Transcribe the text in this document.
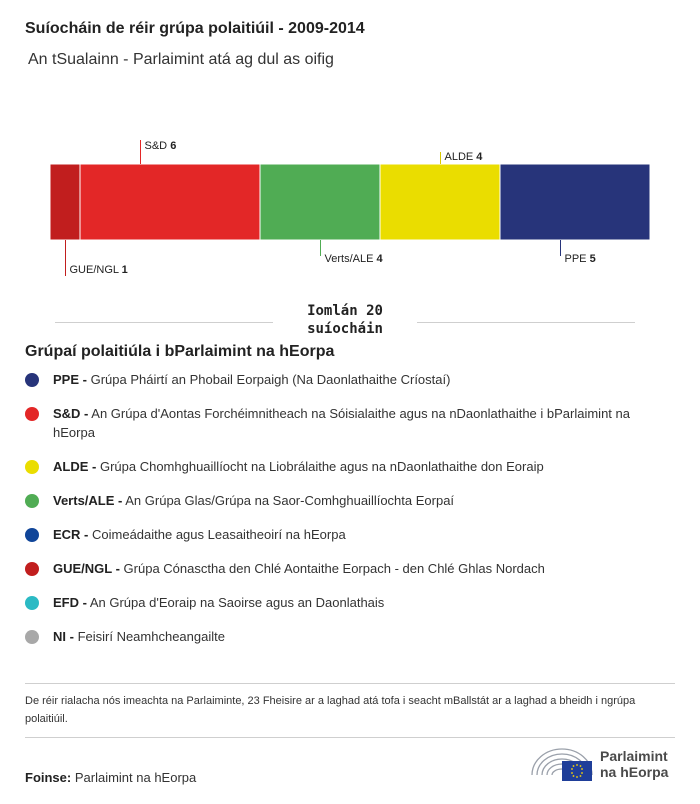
Suíocháin de réir grúpa polaitiúil - 2009-2014
An tSualainn - Parlaimint atá ag dul as oifig
GUE/NGL 1
S&D 6
Verts/ALE 4
ALDE 4
PPE 5
Iomlán 20
suíocháin
Grúpaí polaitiúla i bParlaimint na hEorpa
PPE - Grúpa Pháirtí an Phobail Eorpaigh (Na Daonlathaithe Críostaí)
S&D - An Grúpa d'Aontas Forchéimnitheach na Sóisialaithe agus na nDaonlathaithe i bParlaimint na hEorpa
ALDE - Grúpa Chomhghuaillíocht na Liobrálaithe agus na nDaonlathaithe don Eoraip
Verts/ALE - An Grúpa Glas/Grúpa na Saor-Comhghuaillíochta Eorpaí
ECR - Coimeádaithe agus Leasaitheoirí na hEorpa
GUE/NGL - Grúpa Cónasctha den Chlé Aontaithe Eorpach - den Chlé Ghlas Nordach
EFD - An Grúpa d'Eoraip na Saoirse agus an Daonlathais
NI - Feisirí Neamhcheangailte
De réir rialacha nós imeachta na Parlaiminte, 23 Fheisire ar a laghad atá tofa i seacht mBallstát ar a laghad a bheidh i ngrúpa polaitiúil.
Foinse: Parlaimint na hEorpa
Parlaimint
na hEorpa
